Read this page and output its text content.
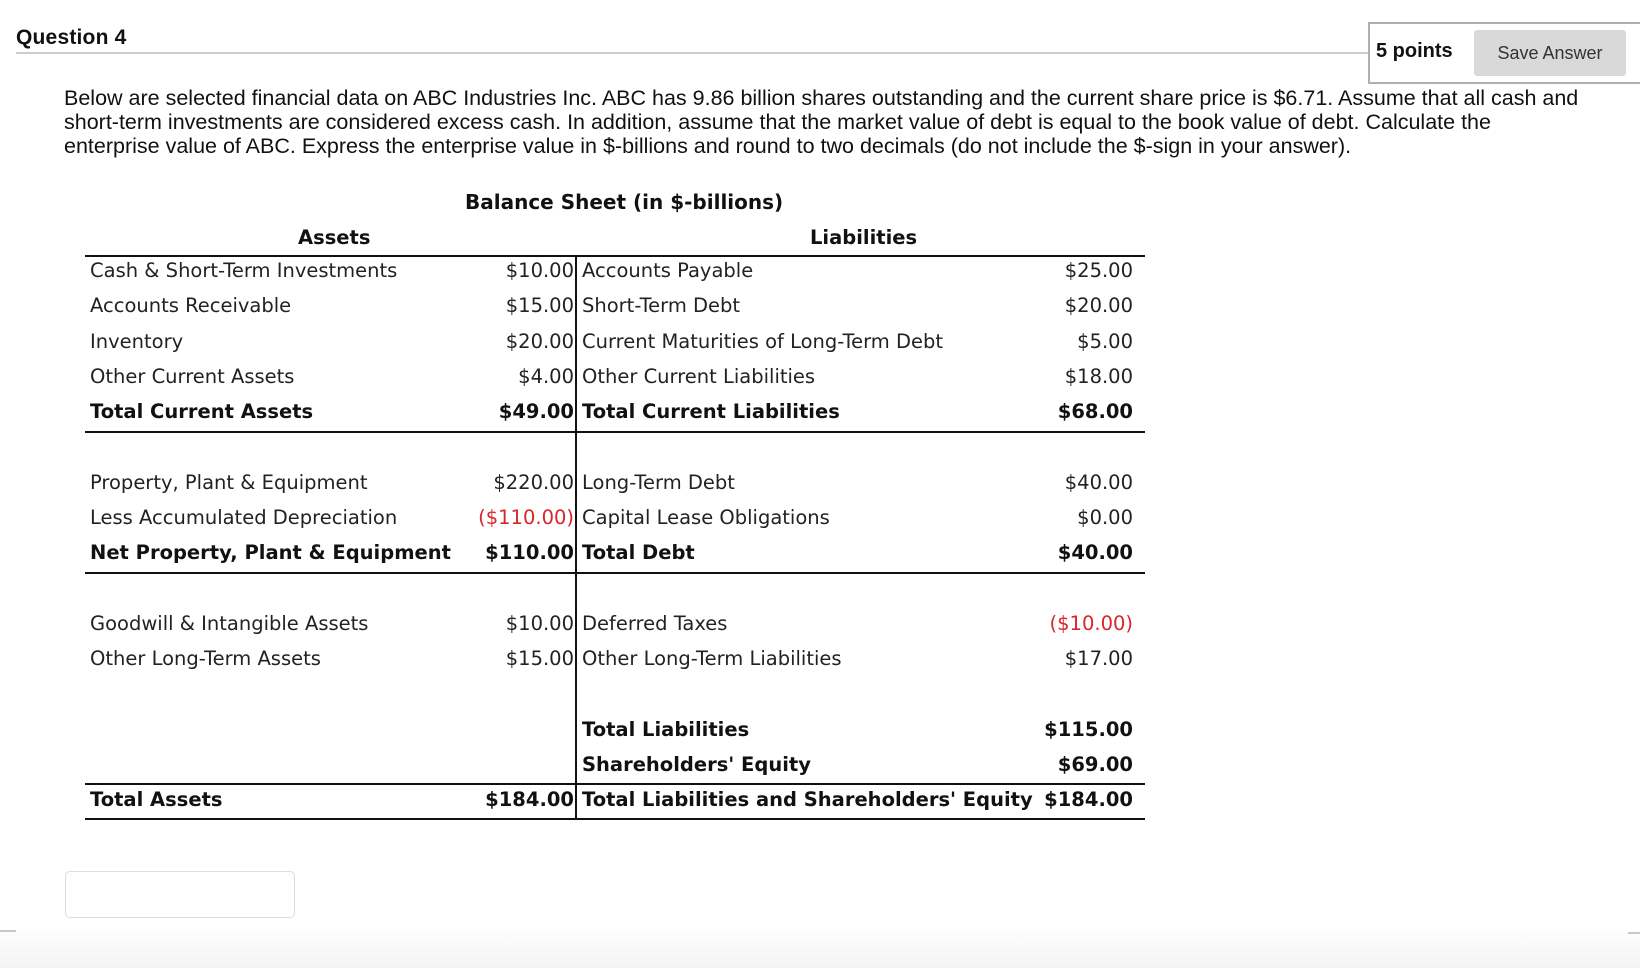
Question 4
5 points	Save Answer
Below are selected financial data on ABC Industries Inc. ABC has 9.86 billion shares outstanding and the current share price is $6.71. Assume that all cash and short-term investments are considered excess cash. In addition, assume that the market value of debt is equal to the book value of debt. Calculate the enterprise value of ABC. Express the enterprise value in $-billions and round to two decimals (do not include the $-sign in your answer).
Balance Sheet (in $-billions)
Assets	Liabilities
Cash & Short-Term Investments	$10.00 Accounts Payable	$25.00
Accounts Receivable	$15.00 Short-Term Debt	$20.00
Inventory	$20.00 Current Maturities of Long-Term Debt	$5.00
Other Current Assets	$4.00 Other Current Liabilities	$18.00
Total Current Assets	$49.00 Total Current Liabilities	$68.00
Property, Plant & Equipment	$220.00 Long-Term Debt	$40.00
Less Accumulated Depreciation	($110.00) Capital Lease Obligations	$0.00
Net Property, Plant & Equipment $110.00 Total Debt	$40.00
Goodwill & Intangible Assets	$10.00 Deferred Taxes	($10.00)
Other Long-Term Assets	$15.00 Other Long-Term Liabilities	$17.00
Total Liabilities	$115.00
Shareholders' Equity	$69.00
Total Assets	$184.00 Total Liabilities and Shareholders' Equity $184.00
